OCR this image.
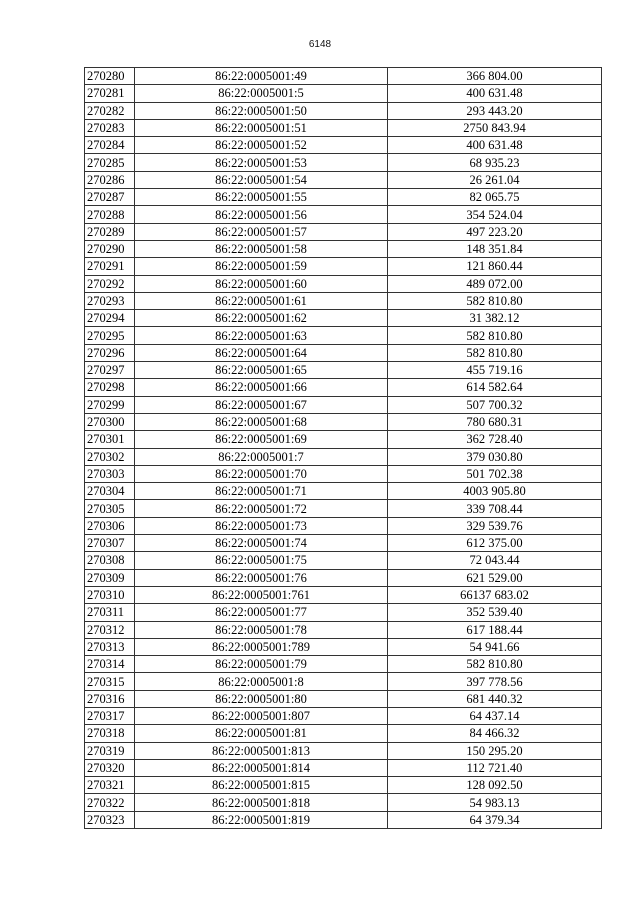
6148
270280	86:22:0005001:49	366 804.00
270281	86:22:0005001:5	400 631.48
270282	86:22:0005001:50	293 443.20
270283	86:22:0005001:51	2750 843.94
270284	86:22:0005001:52	400 631.48
270285	86:22:0005001:53	68 935.23
270286	86:22:0005001:54	26 261.04
270287	86:22:0005001:55	82 065.75
270288	86:22:0005001:56	354 524.04
270289	86:22:0005001:57	497 223.20
270290	86:22:0005001:58	148 351.84
270291	86:22:0005001:59	121 860.44
270292	86:22:0005001:60	489 072.00
270293	86:22:0005001:61	582 810.80
270294	86:22:0005001:62	31 382.12
270295	86:22:0005001:63	582 810.80
270296	86:22:0005001:64	582 810.80
270297	86:22:0005001:65	455 719.16
270298	86:22:0005001:66	614 582.64
270299	86:22:0005001:67	507 700.32
270300	86:22:0005001:68	780 680.31
270301	86:22:0005001:69	362 728.40
270302	86:22:0005001:7	379 030.80
270303	86:22:0005001:70	501 702.38
270304	86:22:0005001:71	4003 905.80
270305	86:22:0005001:72	339 708.44
270306	86:22:0005001:73	329 539.76
270307	86:22:0005001:74	612 375.00
270308	86:22:0005001:75	72 043.44
270309	86:22:0005001:76	621 529.00
270310	86:22:0005001:761	66137 683.02
270311	86:22:0005001:77	352 539.40
270312	86:22:0005001:78	617 188.44
270313	86:22:0005001:789	54 941.66
270314	86:22:0005001:79	582 810.80
270315	86:22:0005001:8	397 778.56
270316	86:22:0005001:80	681 440.32
270317	86:22:0005001:807	64 437.14
270318	86:22:0005001:81	84 466.32
270319	86:22:0005001:813	150 295.20
270320	86:22:0005001:814	112 721.40
270321	86:22:0005001:815	128 092.50
270322	86:22:0005001:818	54 983.13
270323	86:22:0005001:819	64 379.34
